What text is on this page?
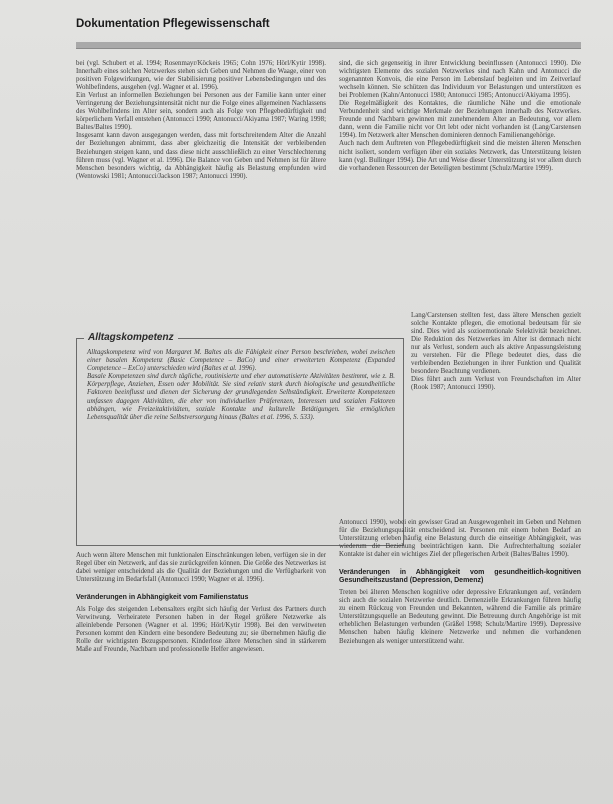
Dokumentation Pflegewissenschaft

bei (vgl. Schubert et al. 1994; Rosenmayr/Köckeis 1965; Cohn 1976; Hörl/Kytir 1998). Innerhalb eines solchen Netzwerkes stehen sich Geben und Nehmen die Waage, einer von positiven Folgewirkungen, wie der Stabilisierung positiver Lebensbedingungen und des Wohlbefindens, ausgehen (vgl. Wagner et al. 1996).

Ein Verlust an informellen Beziehungen bei Personen aus der Familie kann unter einer Verringerung der Beziehungsintensität nicht nur die Folge eines allgemeinen Nachlassens des Wohlbefindens im Alter sein, sondern auch als Folge von Pflegebedürftigkeit und körperlichem Verfall entstehen (Antonucci 1990; Antonucci/Akiyama 1987; Waring 1998; Baltes/Baltes 1990).

Insgesamt kann davon ausgegangen werden, dass mit fortschreitendem Alter die Anzahl der Beziehungen abnimmt, dass aber gleichzeitig die Intensität der verbleibenden Beziehungen steigen kann, und dass diese nicht ausschließlich zu einer Verschlechterung führen muss (vgl. Wagner et al. 1996). Die Balance von Geben und Nehmen ist für ältere Menschen besonders wichtig, da Abhängigkeit häufig als Belastung empfunden wird (Wentowski 1981; Antonucci/Jackson 1987; Antonucci 1990).

sind, die sich gegenseitig in ihrer Entwicklung beeinflussen (Antonucci 1990). Die wichtigsten Elemente des sozialen Netzwerkes sind nach Kahn und Antonucci die sogenannten Konvois, die eine Person im Lebenslauf begleiten und im Zeitverlauf wechseln können. Sie schützen das Individuum vor Belastungen und unterstützen es bei Problemen (Kahn/Antonucci 1980; Antonucci 1985; Antonucci/Akiyama 1995).

Die Regelmäßigkeit des Kontaktes, die räumliche Nähe und die emotionale Verbundenheit sind wichtige Merkmale der Beziehungen innerhalb des Netzwerkes. Freunde und Nachbarn gewinnen mit zunehmendem Alter an Bedeutung, vor allem dann, wenn die Familie nicht vor Ort lebt oder nicht vorhanden ist (Lang/Carstensen 1994). Im Netzwerk alter Menschen dominieren dennoch Familienangehörige.

Auch nach dem Auftreten von Pflegebedürftigkeit sind die meisten älteren Menschen nicht isoliert, sondern verfügen über ein soziales Netzwerk, das Unterstützung leisten kann (vgl. Bullinger 1994). Die Art und Weise dieser Unterstützung ist vor allem durch die vorhandenen Ressourcen der Beteiligten bestimmt (Schulz/Martire 1999).

Lang/Carstensen stellten fest, dass ältere Menschen gezielt solche Kontakte pflegen, die emotional bedeutsam für sie sind. Dies wird als sozioemotionale Selektivität bezeichnet. Die Reduktion des Netzwerkes im Alter ist demnach nicht nur als Verlust, sondern auch als aktive Anpassungsleistung zu verstehen. Für die Pflege bedeutet dies, dass die verbleibenden Beziehungen in ihrer Funktion und Qualität besondere Beachtung verdienen.

Dies führt auch zum Verlust von Freundschaften im Alter (Rook 1987; Antonucci 1990).

Alltagskompetenz wird von Margaret M. Baltes als die Fähigkeit einer Person beschrieben, wobei zwischen einer basalen Kompetenz (Basic Competence – BaCo) und einer erweiterten Kompetenz (Expanded Competence – ExCo) unterschieden wird (Baltes et al. 1996).

Basale Kompetenzen sind durch tägliche, routinisierte und eher automatisierte Aktivitäten bestimmt, wie z. B. Körperpflege, Anziehen, Essen oder Mobilität. Sie sind relativ stark durch biologische und gesundheitliche Faktoren beeinflusst und dienen der Sicherung der grundlegenden Selbständigkeit. Erweiterte Kompetenzen umfassen dagegen Aktivitäten, die eher von individuellen Präferenzen, Interessen und sozialen Faktoren abhängen, wie Freizeitaktivitäten, soziale Kontakte und kulturelle Betätigungen. Sie ermöglichen Lebensqualität über die reine Selbstversorgung hinaus (Baltes et al. 1996, S. 533).

Alltagskompetenz

Auch wenn ältere Menschen mit funktionalen Einschränkungen leben, verfügen sie in der Regel über ein Netzwerk, auf das sie zurückgreifen können. Die Größe des Netzwerkes ist dabei weniger entscheidend als die Qualität der Beziehungen und die Verfügbarkeit von Unterstützung im Bedarfsfall (Antonucci 1990; Wagner et al. 1996).

Veränderungen in Abhängigkeit vom Familienstatus

Als Folge des steigenden Lebensalters ergibt sich häufig der Verlust des Partners durch Verwitwung. Verheiratete Personen haben in der Regel größere Netzwerke als alleinlebende Personen (Wagner et al. 1996; Hörl/Kytir 1998). Bei den verwitweten Personen kommt den Kindern eine besondere Bedeutung zu; sie übernehmen häufig die Rolle der wichtigsten Bezugspersonen. Kinderlose ältere Menschen sind in stärkerem Maße auf Freunde, Nachbarn und professionelle Helfer angewiesen.

Antonucci 1990), wobei ein gewisser Grad an Ausgewogenheit im Geben und Nehmen für die Beziehungsqualität entscheidend ist. Personen mit einem hohen Bedarf an Unterstützung erleben häufig eine Belastung durch die einseitige Abhängigkeit, was wiederum die Beziehung beeinträchtigen kann. Die Aufrechterhaltung sozialer Kontakte ist daher ein wichtiges Ziel der pflegerischen Arbeit (Baltes/Baltes 1990).

Veränderungen in Abhängigkeit vom gesundheitlich-kognitiven Gesundheitszustand (Depression, Demenz)

Treten bei älteren Menschen kognitive oder depressive Erkrankungen auf, verändern sich auch die sozialen Netzwerke deutlich. Demenzielle Erkrankungen führen häufig zu einem Rückzug von Freunden und Bekannten, während die Familie als primäre Unterstützungsquelle an Bedeutung gewinnt. Die Betreuung durch Angehörige ist mit erheblichen Belastungen verbunden (Gräßel 1998; Schulz/Martire 1999). Depressive Menschen haben häufig kleinere Netzwerke und nehmen die vorhandenen Beziehungen als weniger unterstützend wahr.
